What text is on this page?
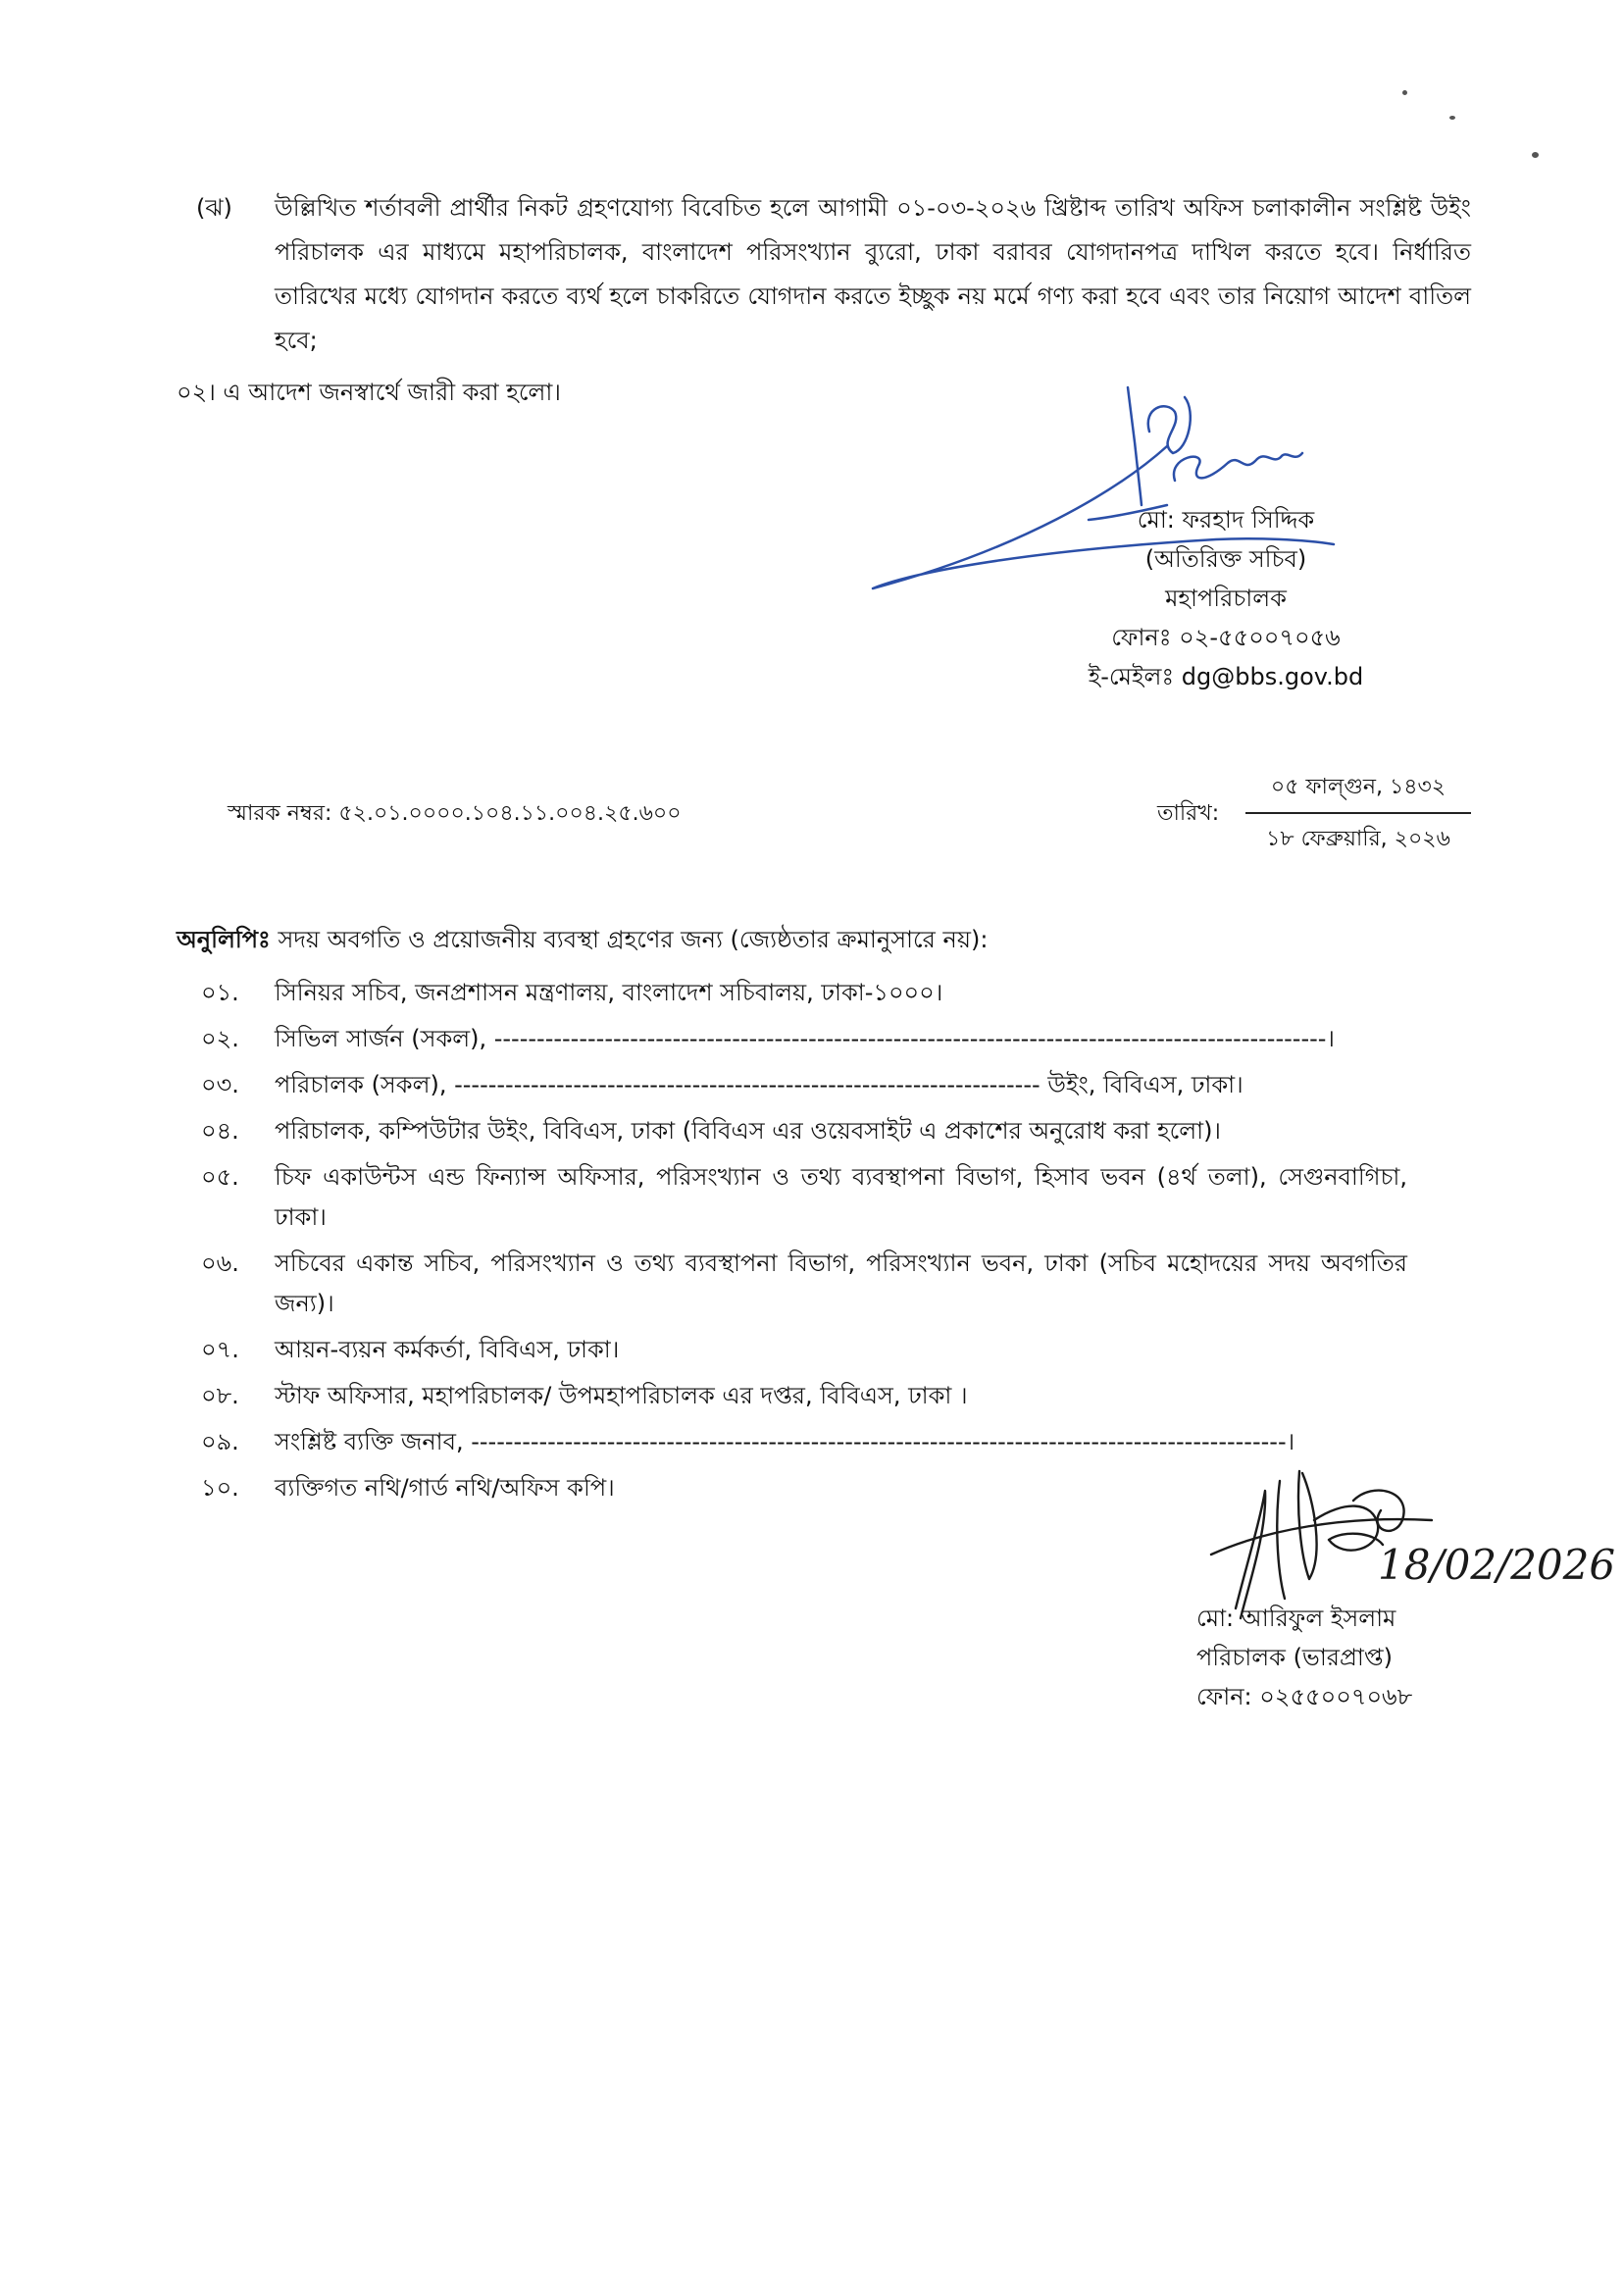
(ঝ)	উল্লিখিত শর্তাবলী প্রার্থীর নিকট গ্রহণযোগ্য বিবেচিত হলে আগামী ০১-০৩-২০২৬ খ্রিষ্টাব্দ তারিখ অফিস চলাকালীন সংশ্লিষ্ট উইং পরিচালক এর মাধ্যমে মহাপরিচালক, বাংলাদেশ পরিসংখ্যান ব্যুরো, ঢাকা বরাবর যোগদানপত্র দাখিল করতে হবে। নির্ধারিত তারিখের মধ্যে যোগদান করতে ব্যর্থ হলে চাকরিতে যোগদান করতে ইচ্ছুক নয় মর্মে গণ্য করা হবে এবং তার নিয়োগ আদেশ বাতিল হবে;
০২। এ আদেশ জনস্বার্থে জারী করা হলো।
মো: ফরহাদ সিদ্দিক
(অতিরিক্ত সচিব)
মহাপরিচালক
ফোনঃ ০২-৫৫০০৭০৫৬
ই-মেইলঃ dg@bbs.gov.bd
স্মারক নম্বর: ৫২.০১.০০০০.১০৪.১১.০০৪.২৫.৬০০	তারিখ:
০৫ ফাল্গুন, ১৪৩২
১৮ ফেব্রুয়ারি, ২০২৬
অনুলিপিঃ সদয় অবগতি ও প্রয়োজনীয় ব্যবস্থা গ্রহণের জন্য (জ্যেষ্ঠতার ক্রমানুসারে নয়):
০১.	সিনিয়র সচিব, জনপ্রশাসন মন্ত্রণালয়, বাংলাদেশ সচিবালয়, ঢাকা-১০০০।
০২.	সিভিল সার্জন (সকল), --------------------------------------------------------------------------------------------------।
০৩.	পরিচালক (সকল), --------------------------------------------------------------------- উইং, বিবিএস, ঢাকা।
০৪.	পরিচালক, কম্পিউটার উইং, বিবিএস, ঢাকা (বিবিএস এর ওয়েবসাইট এ প্রকাশের অনুরোধ করা হলো)।
০৫.	চিফ একাউন্টস এন্ড ফিন্যান্স অফিসার, পরিসংখ্যান ও তথ্য ব্যবস্থাপনা বিভাগ, হিসাব ভবন (৪র্থ তলা), সেগুনবাগিচা, ঢাকা।
০৬.	সচিবের একান্ত সচিব, পরিসংখ্যান ও তথ্য ব্যবস্থাপনা বিভাগ, পরিসংখ্যান ভবন, ঢাকা (সচিব মহোদয়ের সদয় অবগতির জন্য)।
০৭.	আয়ন-ব্যয়ন কর্মকর্তা, বিবিএস, ঢাকা।
০৮.	স্টাফ অফিসার, মহাপরিচালক/ উপমহাপরিচালক এর দপ্তর, বিবিএস, ঢাকা ।
০৯.	সংশ্লিষ্ট ব্যক্তি জনাব, ------------------------------------------------------------------------------------------------।
১০.	ব্যক্তিগত নথি/গার্ড নথি/অফিস কপি।
18/02/2026
মো: আরিফুল ইসলাম
পরিচালক (ভারপ্রাপ্ত)
ফোন: ০২৫৫০০৭০৬৮
